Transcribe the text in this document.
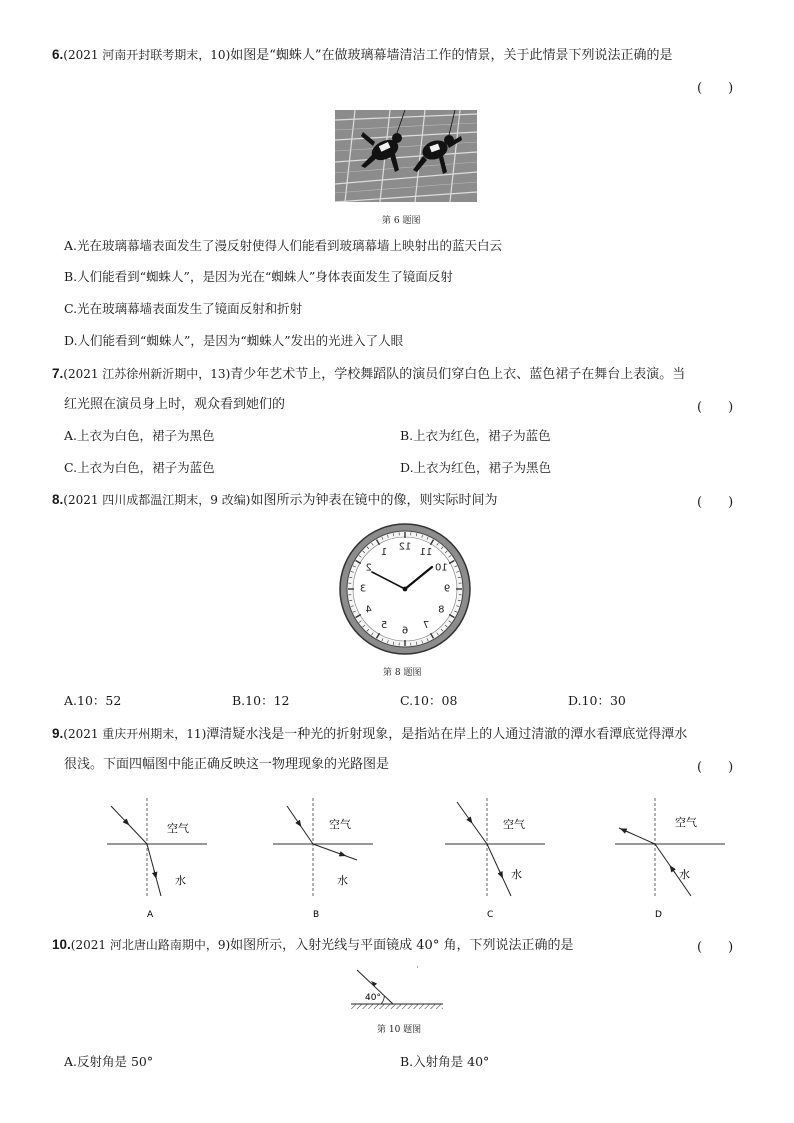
6.(2021 河南开封联考期末，10)如图是“蜘蛛人”在做玻璃幕墙清洁工作的情景，关于此情景下列说法正确的是
(　　)
第 6 题图
A.光在玻璃幕墙表面发生了漫反射使得人们能看到玻璃幕墙上映射出的蓝天白云
B.人们能看到“蜘蛛人”，是因为光在“蜘蛛人”身体表面发生了镜面反射
C.光在玻璃幕墙表面发生了镜面反射和折射
D.人们能看到“蜘蛛人”，是因为“蜘蛛人”发出的光进入了人眼
7.(2021 江苏徐州新沂期中，13)青少年艺术节上，学校舞蹈队的演员们穿白色上衣、蓝色裙子在舞台上表演。当
红光照在演员身上时，观众看到她们的	(　　)
A.上衣为白色，裙子为黑色	B.上衣为红色，裙子为蓝色
C.上衣为白色，裙子为蓝色	D.上衣为红色，裙子为黑色
8.(2021 四川成都温江期末，9 改编)如图所示为钟表在镜中的像，则实际时间为	(　　)
12
11
10
9
8
7
6
5
4
3
2
1
第 8 题图
A.10：52	B.10：12	C.10：08	D.10：30
9.(2021 重庆开州期末，11)潭清疑水浅是一种光的折射现象，是指站在岸上的人通过清澈的潭水看潭底觉得潭水
很浅。下面四幅图中能正确反映这一物理现象的光路图是	(　　)
空气
水
A
空气
水
B
空气
水
C
空气
水
D
10.(2021 河北唐山路南期中，9)如图所示，入射光线与平面镜成 40° 角，下列说法正确的是	(　　)
40°
第 10 题图
A.反射角是 50°	B.入射角是 40°
